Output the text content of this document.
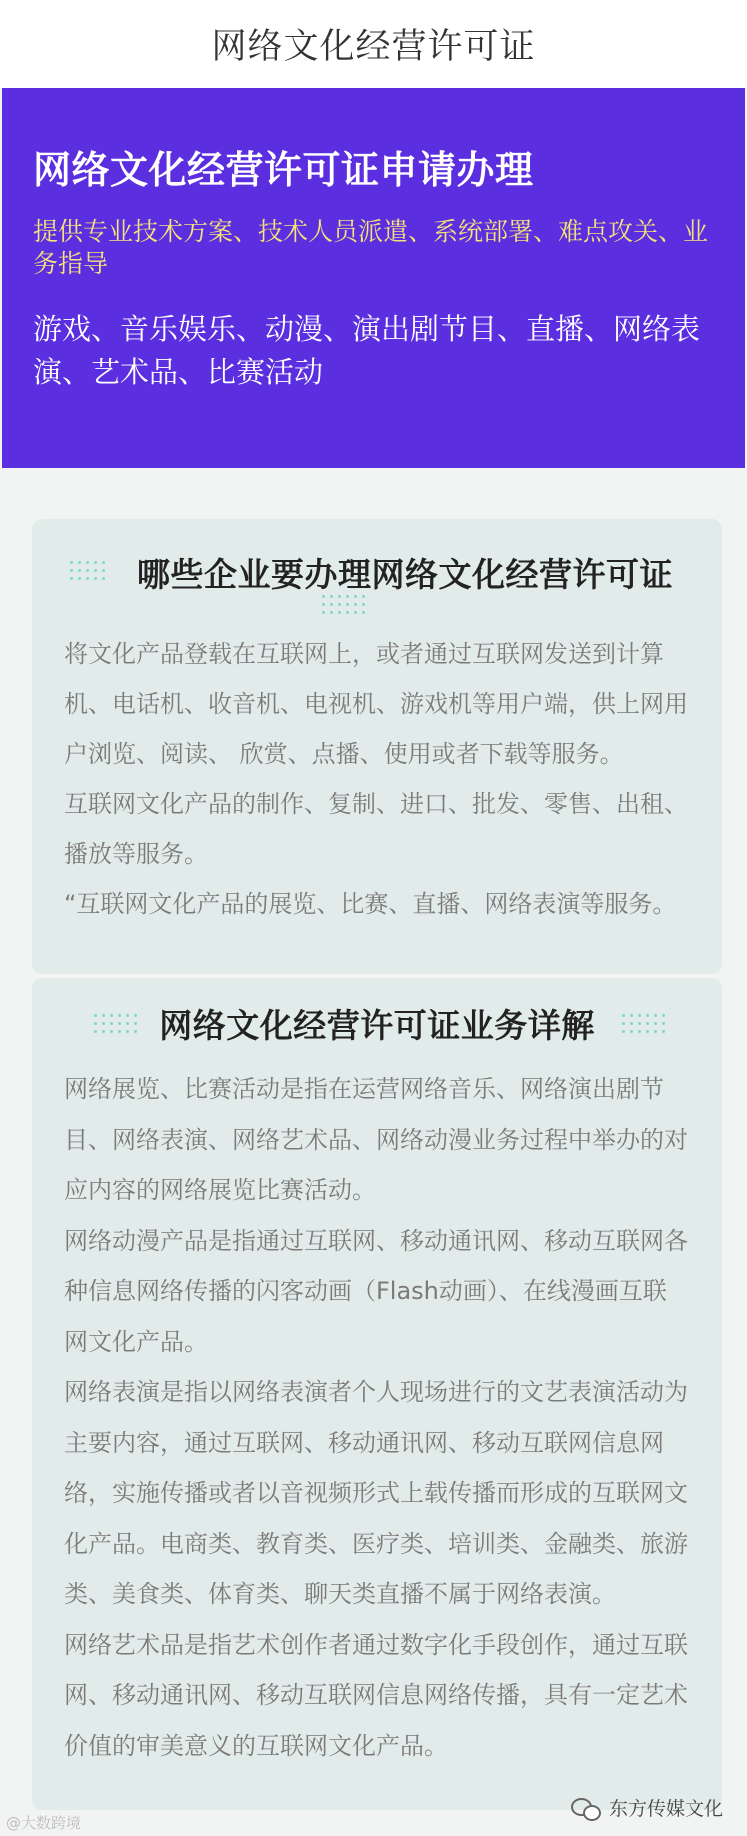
网络文化经营许可证
网络文化经营许可证申请办理
提供专业技术方案、技术人员派遣、系统部署、难点攻关、业务指导
游戏、音乐娱乐、动漫、演出剧节目、直播、网络表演、艺术品、比赛活动
哪些企业要办理网络文化经营许可证

将文化产品登载在互联网上，或者通过互联网发送到计算机、电话机、收音机、电视机、游戏机等用户端，供上网用户浏览、阅读、 欣赏、点播、使用或者下载等服务。

互联网文化产品的制作、复制、进口、批发、零售、出租、播放等服务。

“互联网文化产品的展览、比赛、直播、网络表演等服务。

网络文化经营许可证业务详解

网络展览、比赛活动是指在运营网络音乐、网络演出剧节目、网络表演、网络艺术品、网络动漫业务过程中举办的对应内容的网络展览比赛活动。

网络动漫产品是指通过互联网、移动通讯网、移动互联网各种信息网络传播的闪客动画（Flash动画）、在线漫画互联网文化产品。

网络表演是指以网络表演者个人现场进行的文艺表演活动为主要内容，通过互联网、移动通讯网、移动互联网信息网络，实施传播或者以音视频形式上载传播而形成的互联网文化产品。电商类、教育类、医疗类、培训类、金融类、旅游类、美食类、体育类、聊天类直播不属于网络表演。

网络艺术品是指艺术创作者通过数字化手段创作，通过互联网、移动通讯网、移动互联网信息网络传播，具有一定艺术价值的审美意义的互联网文化产品。

@大数跨境
东方传媒文化
